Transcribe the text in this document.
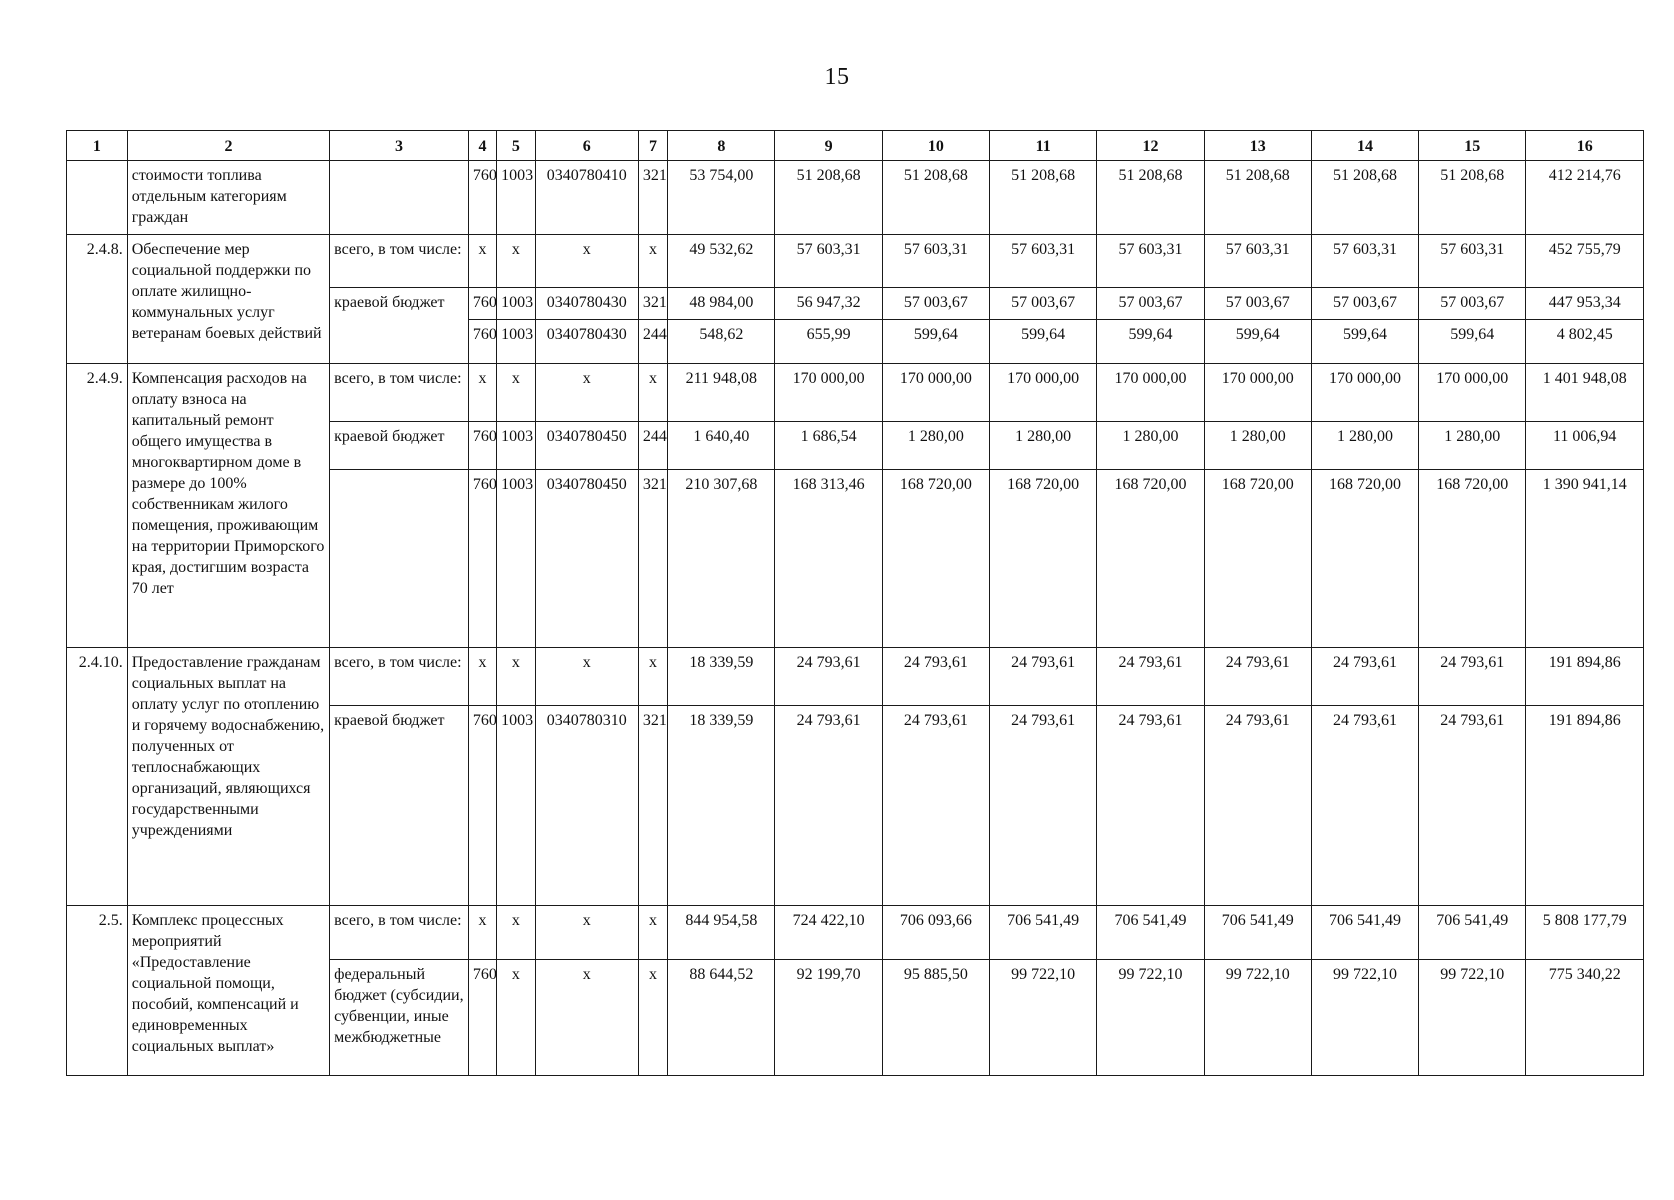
15
1	2	3	4	5	6	7	8	9	10	11	12	13	14	15	16
	стоимости топлива отдельным категориям граждан		760	1003	0340780410	321	53 754,00	51 208,68	51 208,68	51 208,68	51 208,68	51 208,68	51 208,68	51 208,68	412 214,76
2.4.8.	Обеспечение мер социальной поддержки по оплате жилищно-коммунальных услуг ветеранам боевых действий	всего, в том числе:	x	x	x	x	49 532,62	57 603,31	57 603,31	57 603,31	57 603,31	57 603,31	57 603,31	57 603,31	452 755,79
		краевой бюджет	760	1003	0340780430	321	48 984,00	56 947,32	57 003,67	57 003,67	57 003,67	57 003,67	57 003,67	57 003,67	447 953,34
			760	1003	0340780430	244	548,62	655,99	599,64	599,64	599,64	599,64	599,64	599,64	4 802,45
2.4.9.	Компенсация расходов на оплату взноса на капитальный ремонт общего имущества в многоквартирном доме в размере до 100% собственникам жилого помещения, проживающим на территории Приморского края, достигшим возраста 70 лет	всего, в том числе:	x	x	x	x	211 948,08	170 000,00	170 000,00	170 000,00	170 000,00	170 000,00	170 000,00	170 000,00	1 401 948,08
		краевой бюджет	760	1003	0340780450	244	1 640,40	1 686,54	1 280,00	1 280,00	1 280,00	1 280,00	1 280,00	1 280,00	11 006,94
			760	1003	0340780450	321	210 307,68	168 313,46	168 720,00	168 720,00	168 720,00	168 720,00	168 720,00	168 720,00	1 390 941,14
2.4.10.	Предоставление гражданам социальных выплат на оплату услуг по отоплению и горячему водоснабжению, полученных от теплоснабжающих организаций, являющихся государственными учреждениями	всего, в том числе:	x	x	x	x	18 339,59	24 793,61	24 793,61	24 793,61	24 793,61	24 793,61	24 793,61	24 793,61	191 894,86
		краевой бюджет	760	1003	0340780310	321	18 339,59	24 793,61	24 793,61	24 793,61	24 793,61	24 793,61	24 793,61	24 793,61	191 894,86
2.5.	Комплекс процессных мероприятий «Предоставление социальной помощи, пособий, компенсаций и единовременных социальных выплат»	всего, в том числе:	x	x	x	x	844 954,58	724 422,10	706 093,66	706 541,49	706 541,49	706 541,49	706 541,49	706 541,49	5 808 177,79
		федеральный бюджет (субсидии, субвенции, иные межбюджетные	760	x	x	x	88 644,52	92 199,70	95 885,50	99 722,10	99 722,10	99 722,10	99 722,10	99 722,10	775 340,22
